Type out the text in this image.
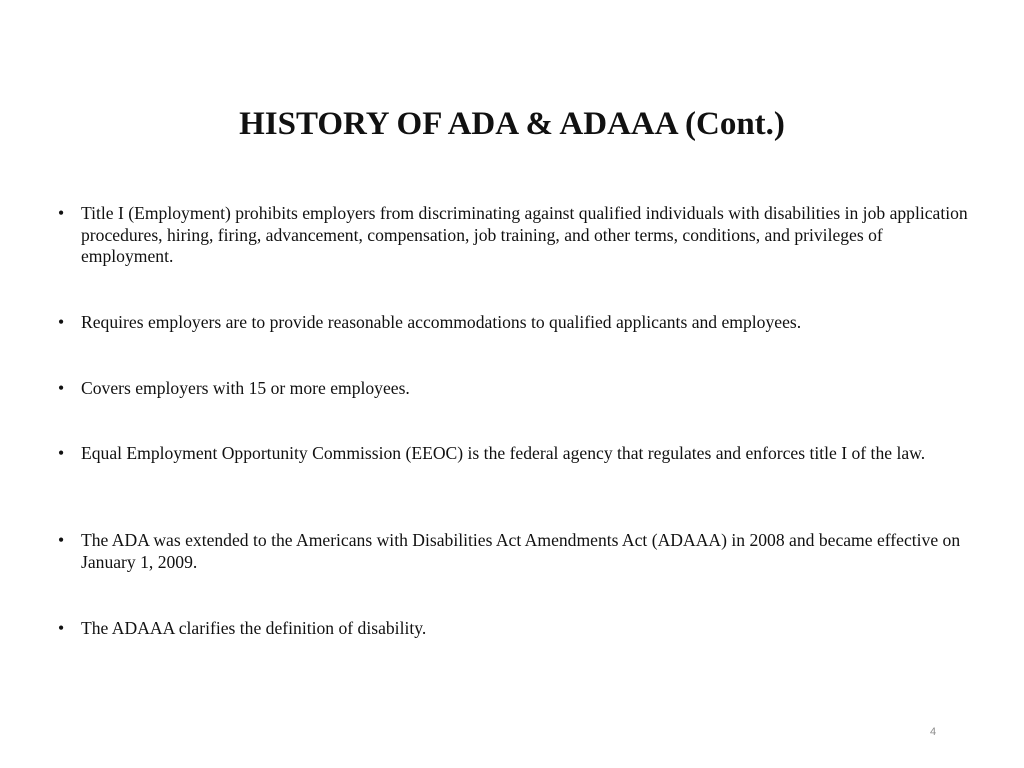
HISTORY OF ADA & ADAAA (Cont.)
• Title I (Employment) prohibits employers from discriminating against qualified individuals with disabilities in job application procedures, hiring, firing, advancement, compensation, job training, and other terms, conditions, and privileges of employment.
• Requires employers are to provide reasonable accommodations to qualified applicants and employees.
• Covers employers with 15 or more employees.
• Equal Employment Opportunity Commission (EEOC) is the federal agency that regulates and enforces title I of the law.
• The ADA was extended to the Americans with Disabilities Act Amendments Act (ADAAA) in 2008 and became effective on January 1, 2009.
• The ADAAA clarifies the definition of disability.
4
